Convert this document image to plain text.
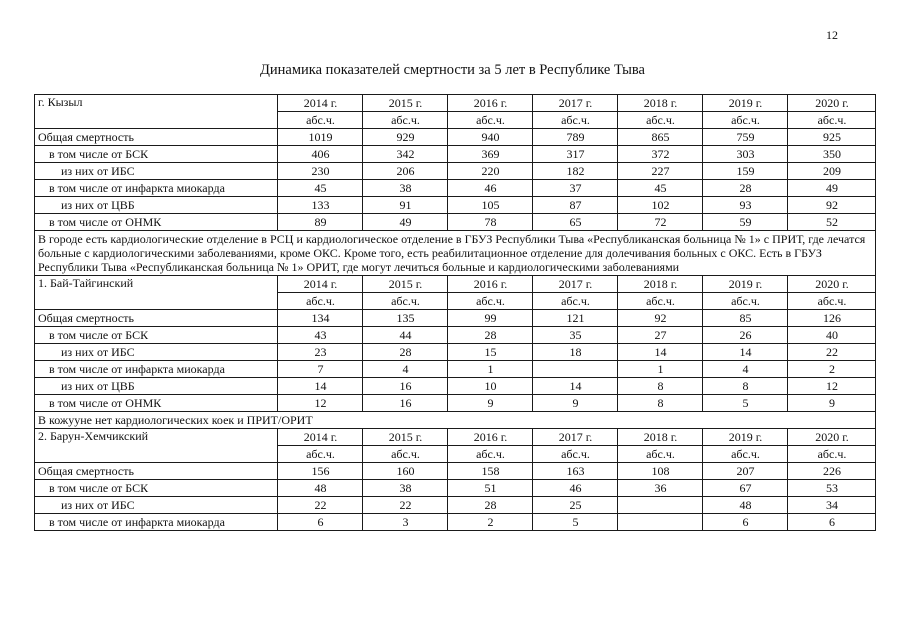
12
Динамика показателей смертности за 5 лет в Республике Тыва
г. Кызыл	2014 г.	2015 г.	2016 г.	2017 г.	2018 г.	2019 г.	2020 г.
	абс.ч.	абс.ч.	абс.ч.	абс.ч.	абс.ч.	абс.ч.	абс.ч.
Общая смертность	1019	929	940	789	865	759	925
в том числе от БСК	406	342	369	317	372	303	350
из них от ИБС	230	206	220	182	227	159	209
в том числе от инфаркта миокарда	45	38	46	37	45	28	49
из них от ЦВБ	133	91	105	87	102	93	92
в том числе от ОНМК	89	49	78	65	72	59	52
В городе есть кардиологические отделение в РСЦ и кардиологическое отделение в ГБУЗ Республики Тыва «Республиканская больница № 1» с ПРИТ, где лечатся больные с кардиологическими заболеваниями, кроме ОКС. Кроме того, есть реабилитационное отделение для долечивания больных с ОКС. Есть в ГБУЗ Республики Тыва «Республиканская больница № 1» ОРИТ, где могут лечиться больные и кардиологическими заболеваниями							
1. Бай-Тайгинский	2014 г.	2015 г.	2016 г.	2017 г.	2018 г.	2019 г.	2020 г.
	абс.ч.	абс.ч.	абс.ч.	абс.ч.	абс.ч.	абс.ч.	абс.ч.
Общая смертность	134	135	99	121	92	85	126
в том числе от БСК	43	44	28	35	27	26	40
из них от ИБС	23	28	15	18	14	14	22
в том числе от инфаркта миокарда	7	4	1		1	4	2
из них от ЦВБ	14	16	10	14	8	8	12
в том числе от ОНМК	12	16	9	9	8	5	9
В кожууне нет кардиологических коек и ПРИТ/ОРИТ							
2. Барун-Хемчикский	2014 г.	2015 г.	2016 г.	2017 г.	2018 г.	2019 г.	2020 г.
	абс.ч.	абс.ч.	абс.ч.	абс.ч.	абс.ч.	абс.ч.	абс.ч.
Общая смертность	156	160	158	163	108	207	226
в том числе от БСК	48	38	51	46	36	67	53
из них от ИБС	22	22	28	25		48	34
в том числе от инфаркта миокарда	6	3	2	5		6	6
